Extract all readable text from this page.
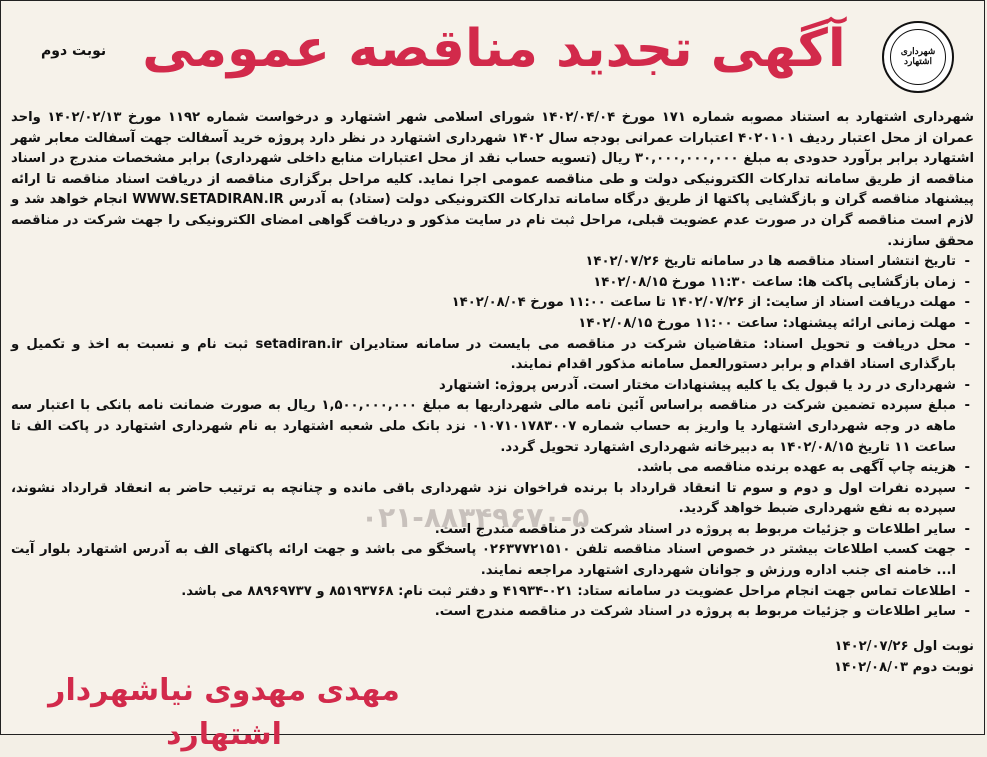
شهرداری اشتهارد
آگهی تجدید مناقصه عمومی
نوبت دوم
۰۲۱-۸۸۳۴۹۶۷۰-۵

شهرداری اشتهارد به استناد مصوبه شماره ۱۷۱ مورخ ۱۴۰۲/۰۴/۰۴ شورای اسلامی شهر اشتهارد و درخواست شماره ۱۱۹۲ مورخ ۱۴۰۲/۰۲/۱۳ واحد عمران از محل اعتبار ردیف ۴۰۲۰۱۰۱ اعتبارات عمرانی بودجه سال ۱۴۰۲ شهرداری اشتهارد در نظر دارد پروژه خرید آسفالت جهت آسفالت معابر شهر اشتهارد برابر برآورد حدودی به مبلغ ۳۰,۰۰۰,۰۰۰,۰۰۰ ریال (تسویه حساب نقد از محل اعتبارات منابع داخلی شهرداری) برابر مشخصات مندرج در اسناد مناقصه از طریق سامانه تدارکات الکترونیکی دولت و طی مناقصه عمومی اجرا نماید. کلیه مراحل برگزاری مناقصه از دریافت اسناد مناقصه تا ارائه پیشنهاد مناقصه گران و بازگشایی پاکتها از طریق درگاه سامانه تدارکات الکترونیکی دولت (ستاد) به آدرس WWW.SETADIRAN.IR انجام خواهد شد و لازم است مناقصه گران در صورت عدم عضویت قبلی، مراحل ثبت نام در سایت مذکور و دریافت گواهی امضای الکترونیکی را جهت شرکت در مناقصه محقق سازند.

- تاریخ انتشار اسناد مناقصه ها در سامانه تاریخ ۱۴۰۲/۰۷/۲۶

- زمان بازگشایی پاکت ها: ساعت ۱۱:۳۰ مورخ ۱۴۰۲/۰۸/۱۵

- مهلت دریافت اسناد از سایت: از ۱۴۰۲/۰۷/۲۶ تا ساعت ۱۱:۰۰ مورخ ۱۴۰۲/۰۸/۰۴

- مهلت زمانی ارائه پیشنهاد: ساعت ۱۱:۰۰ مورخ ۱۴۰۲/۰۸/۱۵

- محل دریافت و تحویل اسناد: متقاضیان شرکت در مناقصه می بایست در سامانه ستادیران setadiran.ir ثبت نام و نسبت به اخذ و تکمیل و بارگذاری اسناد اقدام و برابر دستورالعمل سامانه مذکور اقدام نمایند.

- شهرداری در رد یا قبول یک یا کلیه پیشنهادات مختار است. آدرس پروژه: اشتهارد

- مبلغ سپرده تضمین شرکت در مناقصه براساس آئین نامه مالی شهرداریها به مبلغ ۱,۵۰۰,۰۰۰,۰۰۰ ریال به صورت ضمانت نامه بانکی با اعتبار سه ماهه در وجه شهرداری اشتهارد یا واریز به حساب شماره ۰۱۰۷۱۰۱۷۸۳۰۰۷ نزد بانک ملی شعبه اشتهارد به نام شهرداری اشتهارد در پاکت الف تا ساعت ۱۱ تاریخ ۱۴۰۲/۰۸/۱۵ به دبیرخانه شهرداری اشتهارد تحویل گردد.

- هزینه چاپ آگهی به عهده برنده مناقصه می باشد.

- سپرده نفرات اول و دوم و سوم تا انعقاد قرارداد با برنده فراخوان نزد شهرداری باقی مانده و چنانچه به ترتیب حاضر به انعقاد قرارداد نشوند، سپرده به نفع شهرداری ضبط خواهد گردید.

- سایر اطلاعات و جزئیات مربوط به پروژه در اسناد شرکت در مناقصه مندرج است.

- جهت کسب اطلاعات بیشتر در خصوص اسناد مناقصه تلفن ۰۲۶۳۷۷۲۱۵۱۰ پاسخگو می باشد و جهت ارائه پاکتهای الف به آدرس اشتهارد بلوار آیت ا... خامنه ای جنب اداره ورزش و جوانان شهرداری اشتهارد مراجعه نمایند.

- اطلاعات تماس جهت انجام مراحل عضویت در سامانه ستاد: ۰۲۱-۴۱۹۳۴ و دفتر ثبت نام: ۸۵۱۹۳۷۶۸ و ۸۸۹۶۹۷۳۷ می باشد.

- سایر اطلاعات و جزئیات مربوط به پروژه در اسناد شرکت در مناقصه مندرج است.

نوبت اول ۱۴۰۲/۰۷/۲۶
نوبت دوم ۱۴۰۲/۰۸/۰۳
مهدی مهدوی نیاشهردار اشتهارد
